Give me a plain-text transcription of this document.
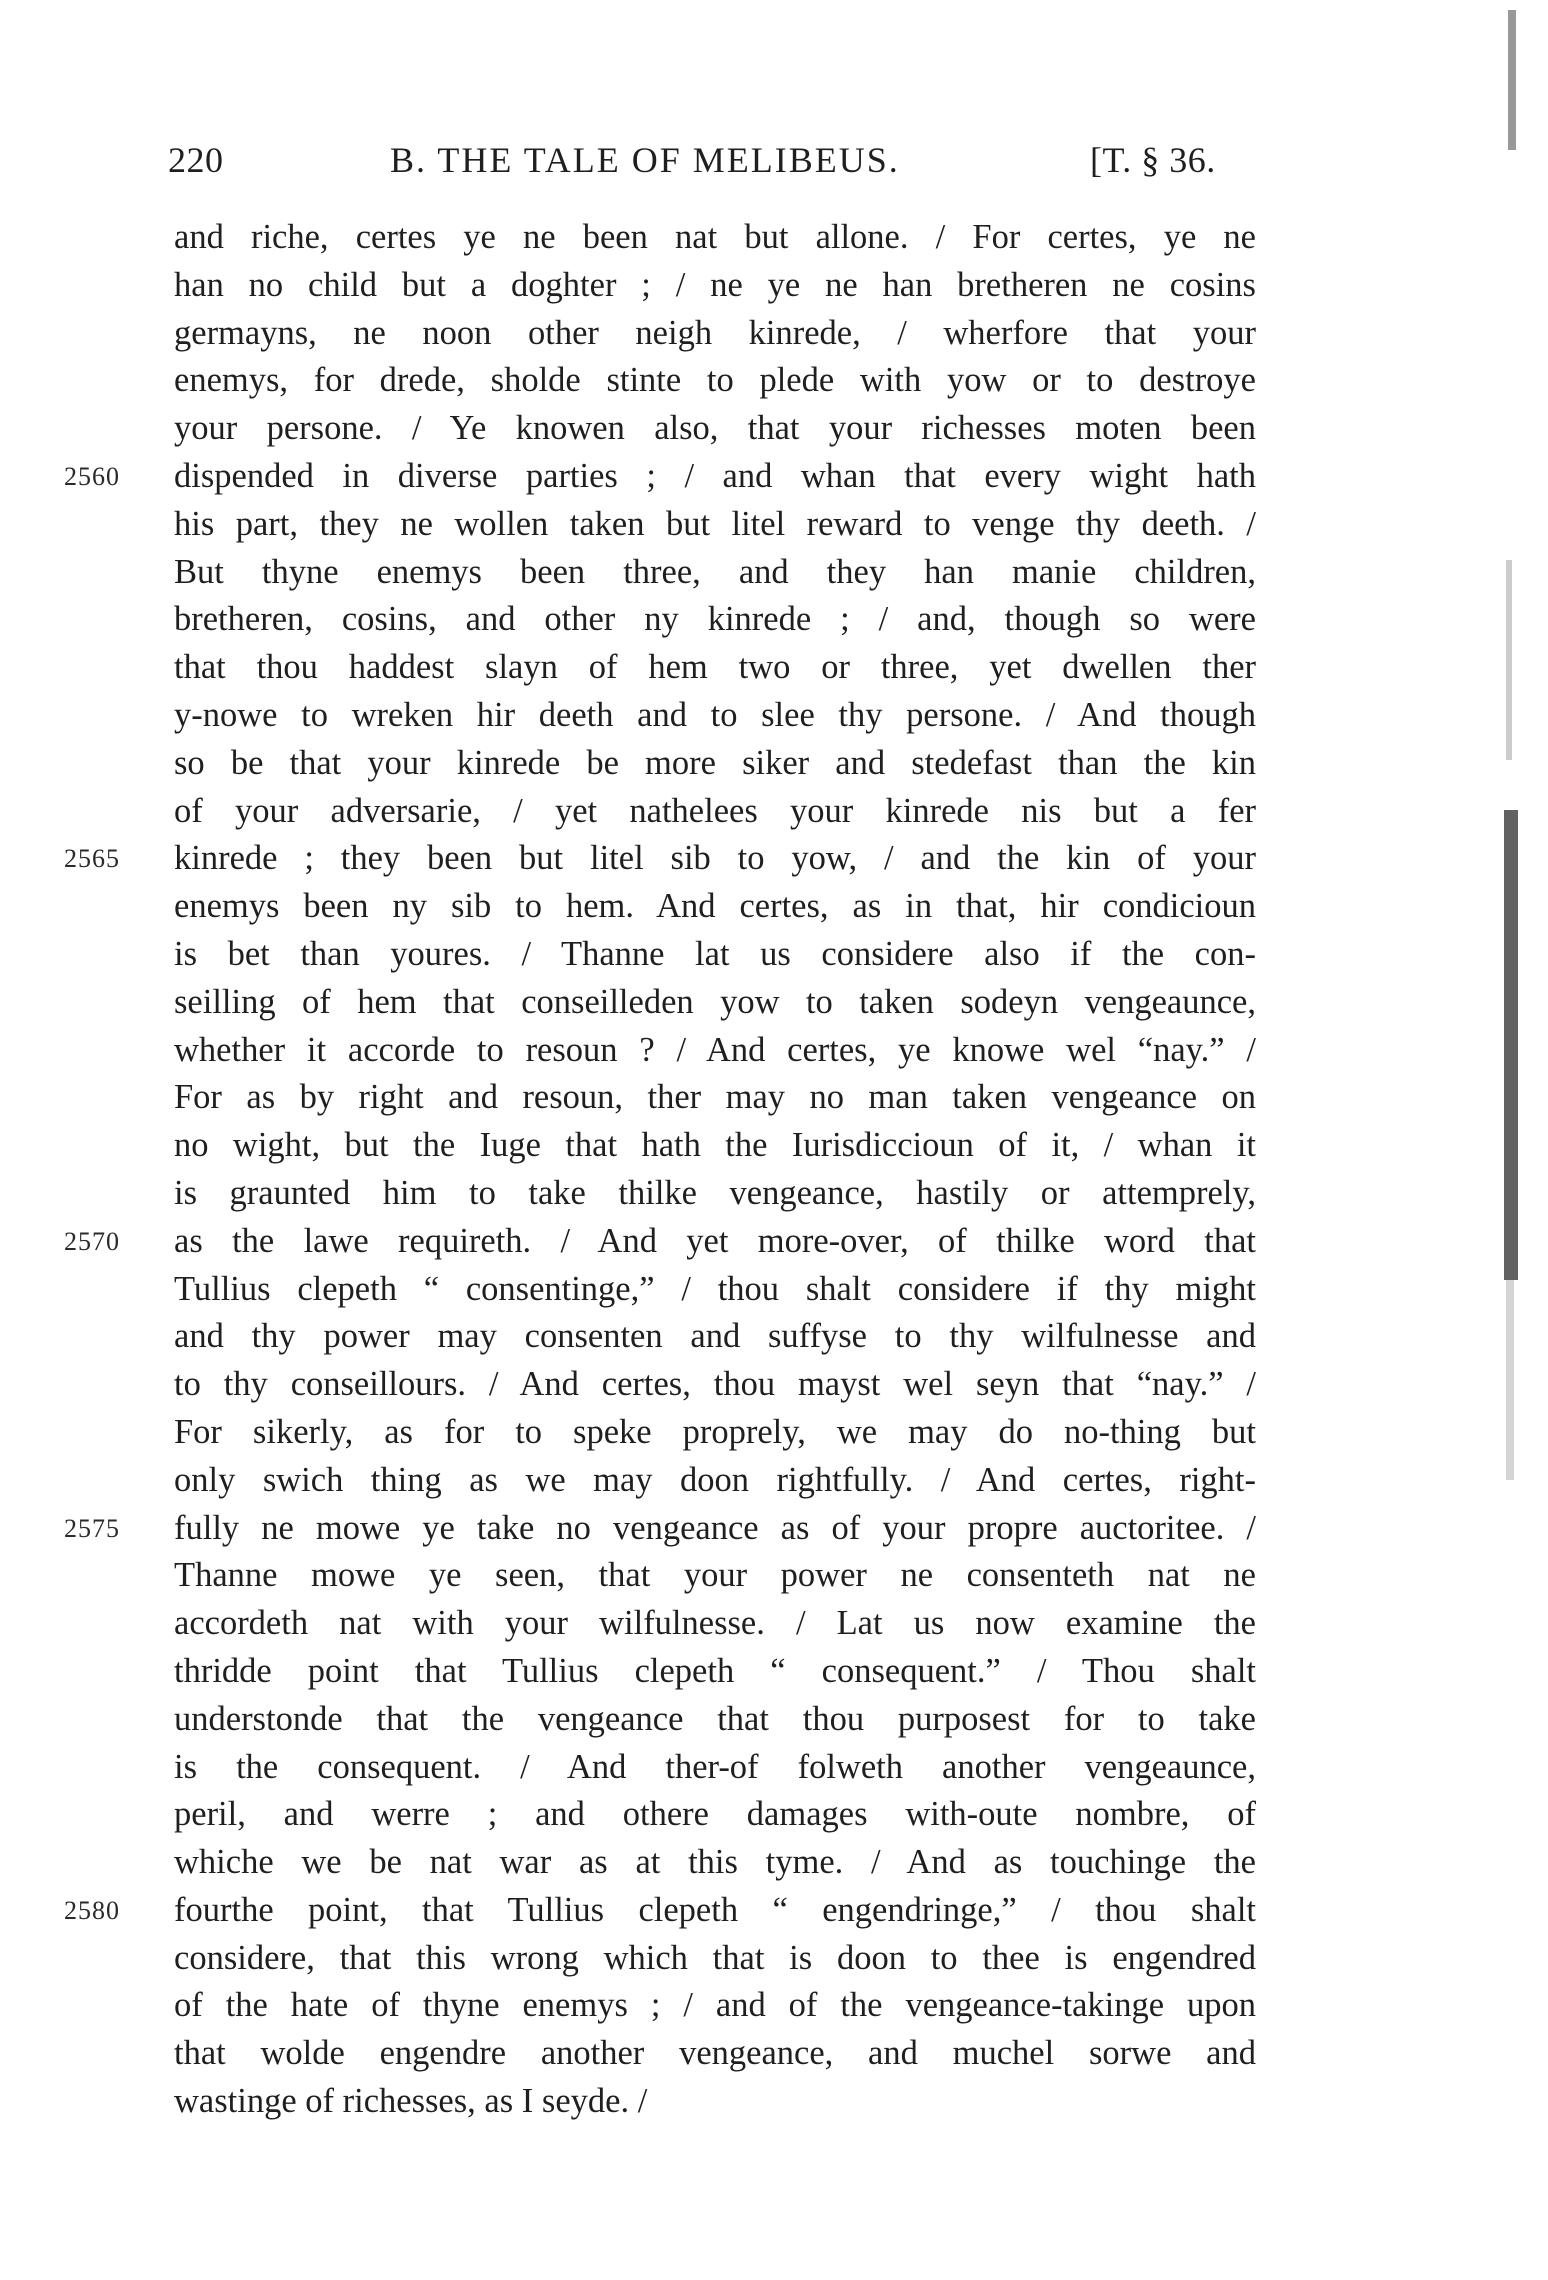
220	B. THE TALE OF MELIBEUS.	[T. § 36.
and riche, certes ye ne been nat but allone. / For certes, ye ne
han no child but a doghter ; / ne ye ne han bretheren ne cosins
germayns, ne noon other neigh kinrede, / wherfore that your
enemys, for drede, sholde stinte to plede with yow or to destroye
your persone. / Ye knowen also, that your richesses moten been
2560	dispended in diverse parties ; / and whan that every wight hath
his part, they ne wollen taken but litel reward to venge thy deeth. /
But thyne enemys been three, and they han manie children,
bretheren, cosins, and other ny kinrede ; / and, though so were
that thou haddest slayn of hem two or three, yet dwellen ther
y-nowe to wreken hir deeth and to slee thy persone. / And though
so be that your kinrede be more siker and stedefast than the kin
of your adversarie, / yet nathelees your kinrede nis but a fer
2565	kinrede ; they been but litel sib to yow, / and the kin of your
enemys been ny sib to hem. And certes, as in that, hir condicioun
is bet than youres. / Thanne lat us considere also if the con-
seilling of hem that conseilleden yow to taken sodeyn vengeaunce,
whether it accorde to resoun ? / And certes, ye knowe wel “nay.” /
For as by right and resoun, ther may no man taken vengeance on
no wight, but the Iuge that hath the Iurisdiccioun of it, / whan it
is graunted him to take thilke vengeance, hastily or attemprely,
2570	as the lawe requireth. / And yet more-over, of thilke word that
Tullius clepeth “ consentinge,” / thou shalt considere if thy might
and thy power may consenten and suffyse to thy wilfulnesse and
to thy conseillours. / And certes, thou mayst wel seyn that “nay.” /
For sikerly, as for to speke proprely, we may do no-thing but
only swich thing as we may doon rightfully. / And certes, right-
2575	fully ne mowe ye take no vengeance as of your propre auctoritee. /
Thanne mowe ye seen, that your power ne consenteth nat ne
accordeth nat with your wilfulnesse. / Lat us now examine the
thridde point that Tullius clepeth “ consequent.” / Thou shalt
understonde that the vengeance that thou purposest for to take
is the consequent. / And ther-of folweth another vengeaunce,
peril, and werre ; and othere damages with-oute nombre, of
whiche we be nat war as at this tyme. / And as touchinge the
2580	fourthe point, that Tullius clepeth “ engendringe,” / thou shalt
considere, that this wrong which that is doon to thee is engendred
of the hate of thyne enemys ; / and of the vengeance-takinge upon
that wolde engendre another vengeance, and muchel sorwe and
wastinge of richesses, as I seyde. /
